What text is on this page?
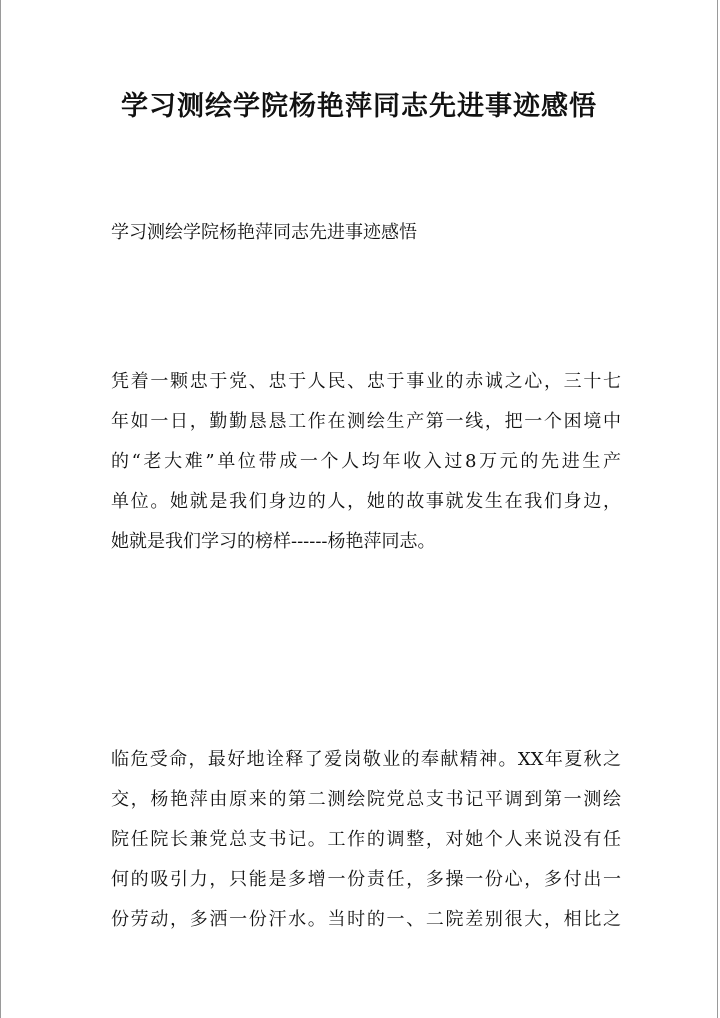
学习测绘学院杨艳萍同志先进事迹感悟

学习测绘学院杨艳萍同志先进事迹感悟

凭着一颗忠于党、忠于人民、忠于事业的赤诚之心，三十七
年如一日，勤勤恳恳工作在测绘生产第一线，把一个困境中
的“老大难”单位带成一个人均年收入过8万元的先进生产
单位。她就是我们身边的人，她的故事就发生在我们身边，
她就是我们学习的榜样------杨艳萍同志。

临危受命，最好地诠释了爱岗敬业的奉献精神。XX年夏秋之
交，杨艳萍由原来的第二测绘院党总支书记平调到第一测绘
院任院长兼党总支书记。工作的调整，对她个人来说没有任
何的吸引力，只能是多增一份责任，多操一份心，多付出一
份劳动，多洒一份汗水。当时的一、二院差别很大，相比之
